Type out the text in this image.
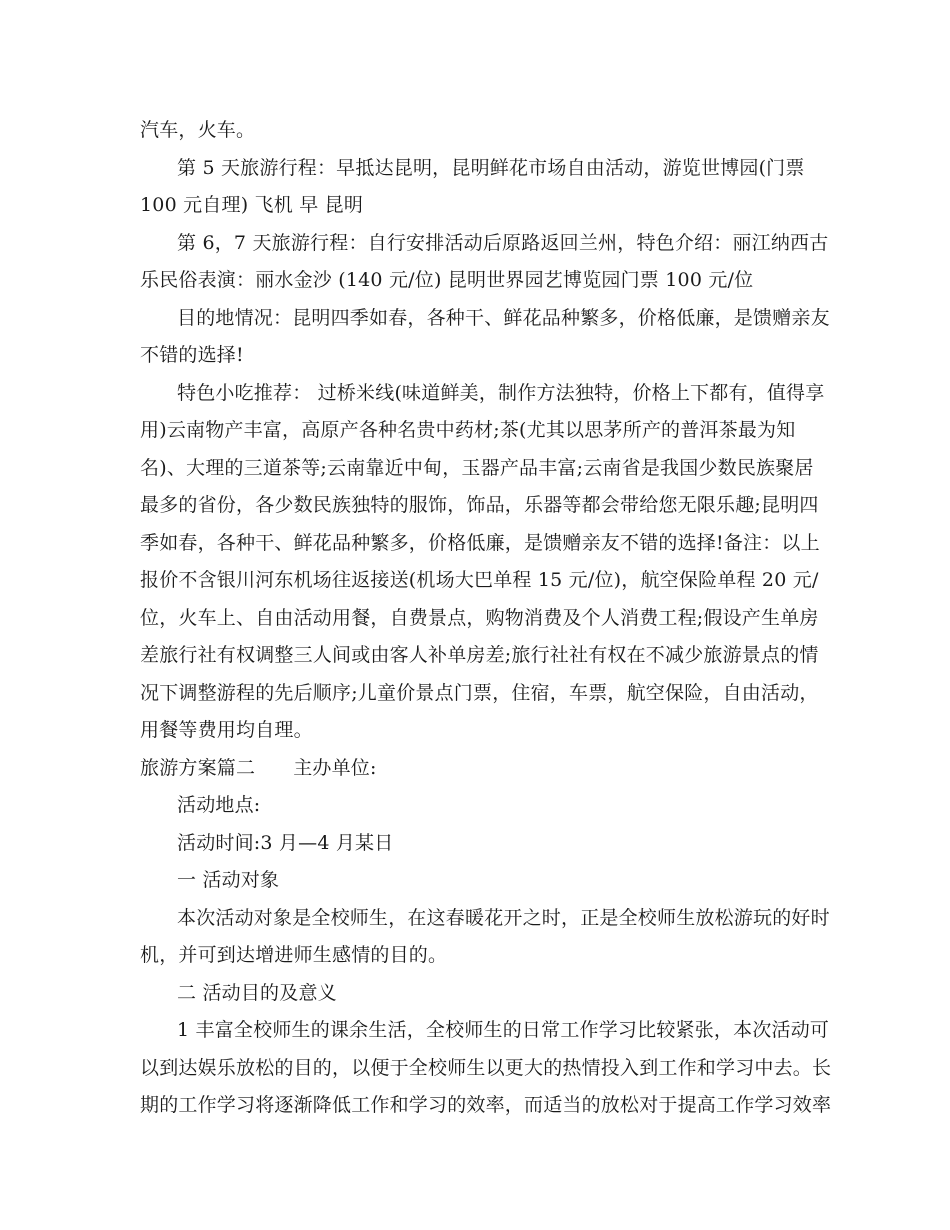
汽车，火车。
第 5 天旅游行程：早抵达昆明，昆明鲜花市场自由活动，游览世博园(门票
100 元自理) 飞机 早 昆明
第 6，7 天旅游行程：自行安排活动后原路返回兰州，特色介绍：丽江纳西古
乐民俗表演：丽水金沙 (140 元/位) 昆明世界园艺博览园门票 100 元/位
目的地情况：昆明四季如春，各种干、鲜花品种繁多，价格低廉，是馈赠亲友
不错的选择!
特色小吃推荐： 过桥米线(味道鲜美，制作方法独特，价格上下都有，值得享
用)云南物产丰富，高原产各种名贵中药材;茶(尤其以思茅所产的普洱茶最为知
名)、大理的三道茶等;云南靠近中甸，玉器产品丰富;云南省是我国少数民族聚居
最多的省份，各少数民族独特的服饰，饰品，乐器等都会带给您无限乐趣;昆明四
季如春，各种干、鲜花品种繁多，价格低廉，是馈赠亲友不错的选择!备注：以上
报价不含银川河东机场往返接送(机场大巴单程 15 元/位)，航空保险单程 20 元/
位，火车上、自由活动用餐，自费景点，购物消费及个人消费工程;假设产生单房
差旅行社有权调整三人间或由客人补单房差;旅行社社有权在不减少旅游景点的情
况下调整游程的先后顺序;儿童价景点门票，住宿，车票，航空保险，自由活动，
用餐等费用均自理。
旅游方案篇二 主办单位:
活动地点:
活动时间:3 月—4 月某日
一 活动对象
本次活动对象是全校师生，在这春暖花开之时，正是全校师生放松游玩的好时
机，并可到达增进师生感情的目的。
二 活动目的及意义
1 丰富全校师生的课余生活，全校师生的日常工作学习比较紧张，本次活动可
以到达娱乐放松的目的，以便于全校师生以更大的热情投入到工作和学习中去。长
期的工作学习将逐渐降低工作和学习的效率，而适当的放松对于提高工作学习效率
